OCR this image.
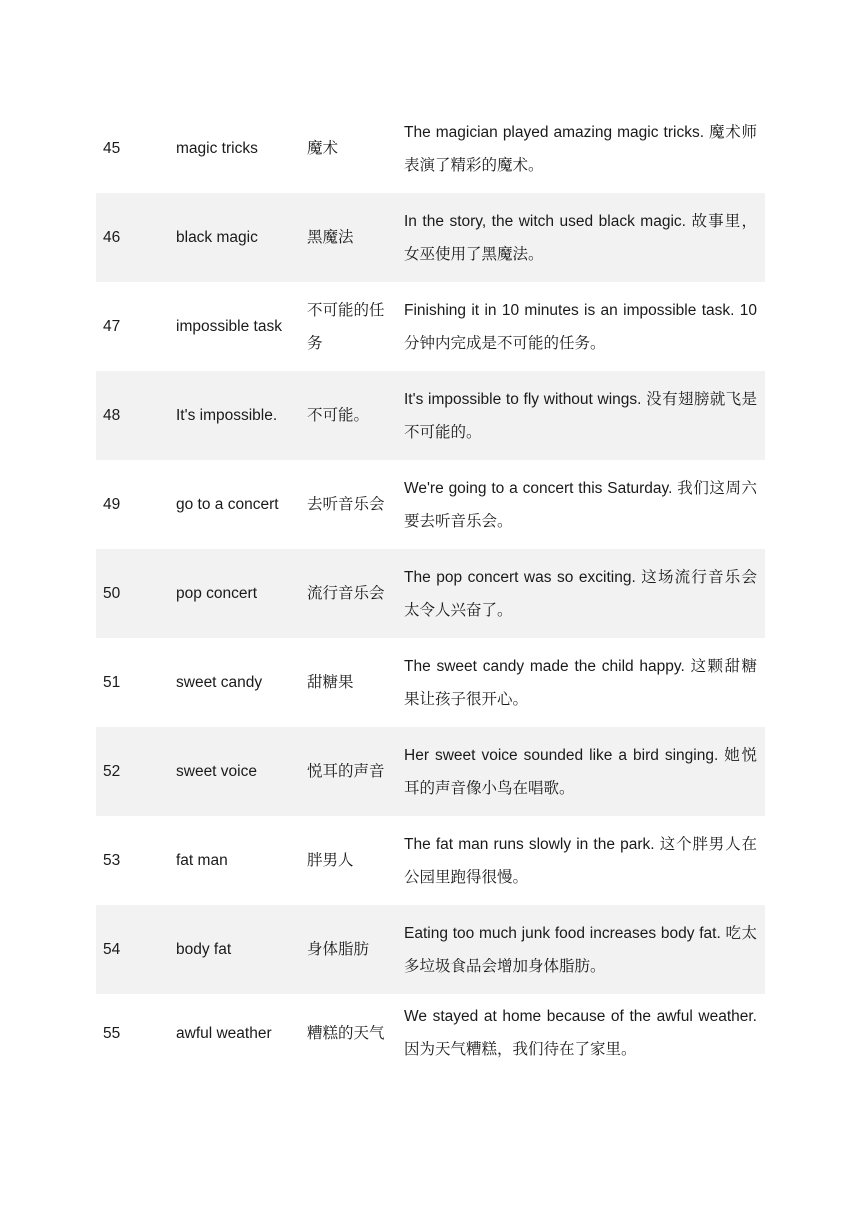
45	magic tricks	魔术	The magician played amazing magic tricks. 魔术师表演了精彩的魔术。
46	black magic	黑魔法	In the story, the witch used black magic. 故事里，女巫使用了黑魔法。
47	impossible task	不可能的任务	Finishing it in 10 minutes is an impossible task. 10 分钟内完成是不可能的任务。
48	It's impossible.	不可能。	It's impossible to fly without wings. 没有翅膀就飞是不可能的。
49	go to a concert	去听音乐会	We're going to a concert this Saturday. 我们这周六要去听音乐会。
50	pop concert	流行音乐会	The pop concert was so exciting. 这场流行音乐会太令人兴奋了。
51	sweet candy	甜糖果	The sweet candy made the child happy. 这颗甜糖果让孩子很开心。
52	sweet voice	悦耳的声音	Her sweet voice sounded like a bird singing. 她悦耳的声音像小鸟在唱歌。
53	fat man	胖男人	The fat man runs slowly in the park. 这个胖男人在公园里跑得很慢。
54	body fat	身体脂肪	Eating too much junk food increases body fat. 吃太多垃圾食品会增加身体脂肪。
55	awful weather	糟糕的天气	We stayed at home because of the awful weather. 因为天气糟糕，我们待在了家里。
